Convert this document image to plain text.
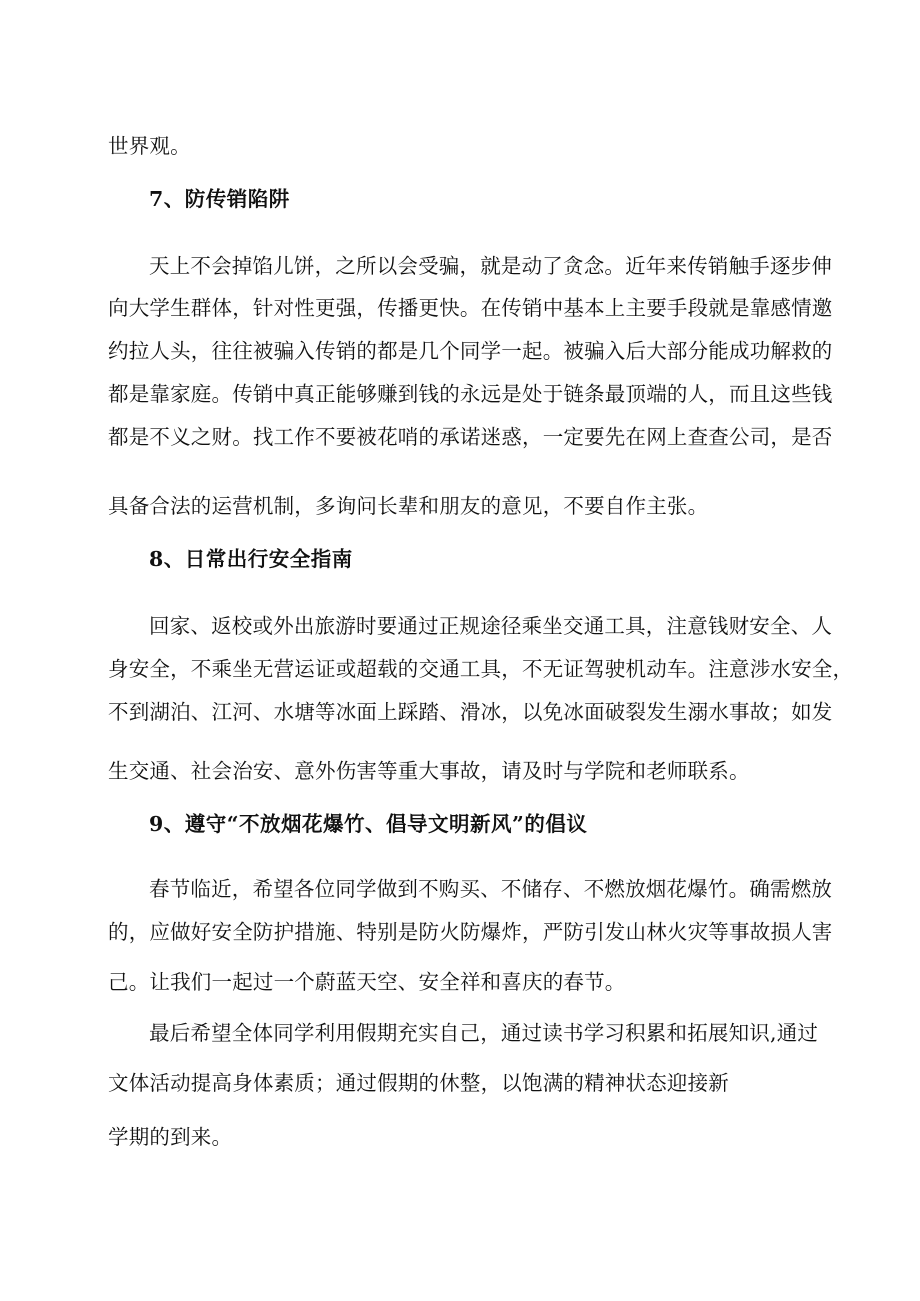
世界观。
7、防传销陷阱
天上不会掉馅儿饼，之所以会受骗，就是动了贪念。近年来传销触手逐步伸
向大学生群体，针对性更强，传播更快。在传销中基本上主要手段就是靠感情邀
约拉人头，往往被骗入传销的都是几个同学一起。被骗入后大部分能成功解救的
都是靠家庭。传销中真正能够赚到钱的永远是处于链条最顶端的人，而且这些钱
都是不义之财。找工作不要被花哨的承诺迷惑，一定要先在网上查查公司，是否
具备合法的运营机制，多询问长辈和朋友的意见，不要自作主张。
8、日常出行安全指南
回家、返校或外出旅游时要通过正规途径乘坐交通工具，注意钱财安全、人
身安全，不乘坐无营运证或超载的交通工具，不无证驾驶机动车。注意涉水安全，
不到湖泊、江河、水塘等冰面上踩踏、滑冰，以免冰面破裂发生溺水事故；如发
生交通、社会治安、意外伤害等重大事故，请及时与学院和老师联系。
9、遵守“不放烟花爆竹、倡导文明新风”的倡议
春节临近，希望各位同学做到不购买、不储存、不燃放烟花爆竹。确需燃放
的，应做好安全防护措施、特别是防火防爆炸，严防引发山林火灾等事故损人害
己。让我们一起过一个蔚蓝天空、安全祥和喜庆的春节。
最后希望全体同学利用假期充实自己，通过读书学习积累和拓展知识,通过
文体活动提高身体素质；通过假期的休整，以饱满的精神状态迎接新
学期的到来。
